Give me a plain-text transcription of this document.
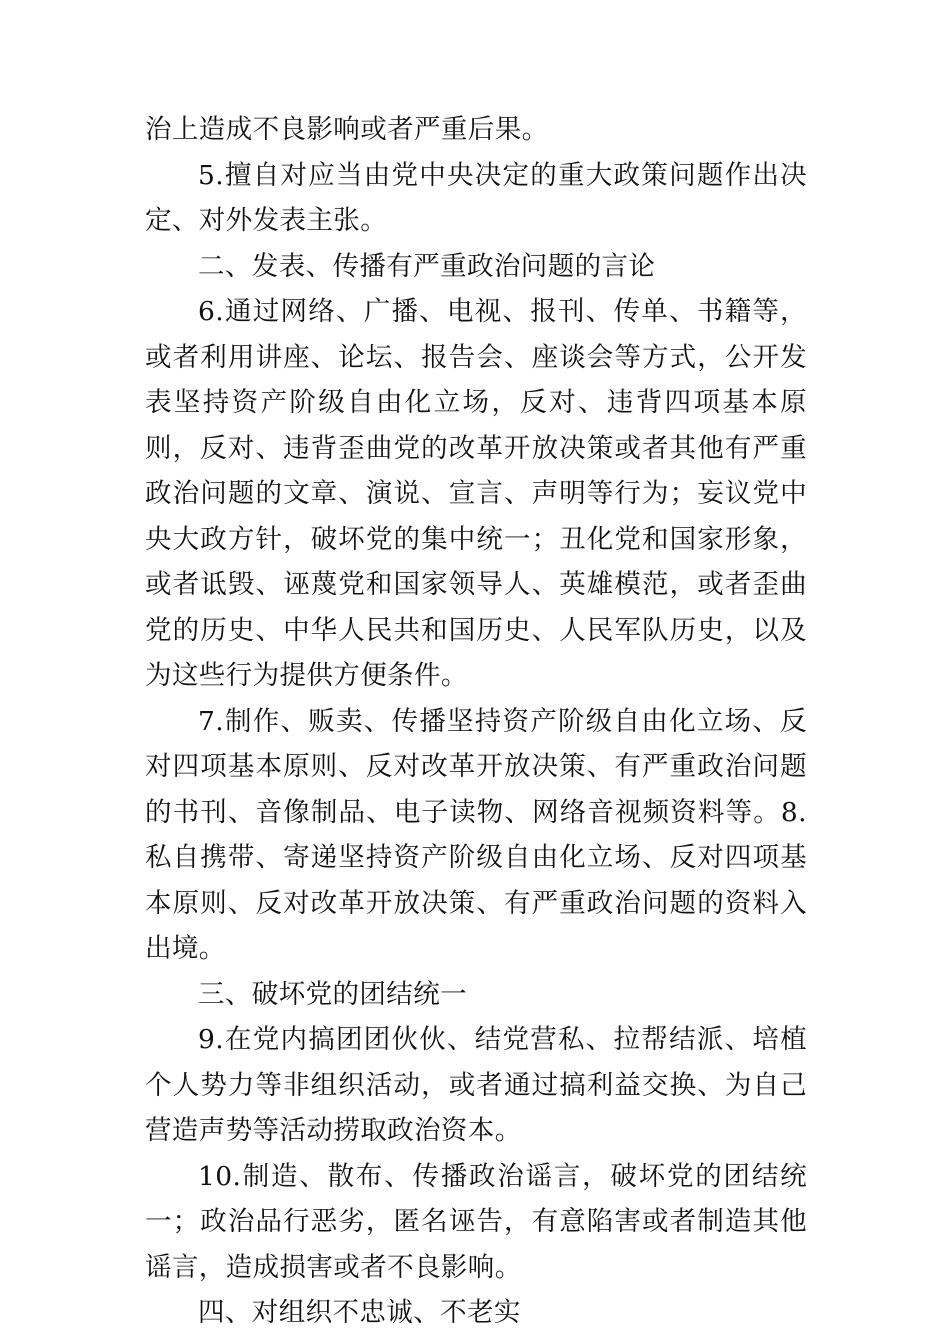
治上造成不良影响或者严重后果。

5.擅自对应当由党中央决定的重大政策问题作出决定、对外发表主张。

二、发表、传播有严重政治问题的言论

6.通过网络、广播、电视、报刊、传单、书籍等，或者利用讲座、论坛、报告会、座谈会等方式，公开发表坚持资产阶级自由化立场，反对、违背四项基本原则，反对、违背歪曲党的改革开放决策或者其他有严重政治问题的文章、演说、宣言、声明等行为；妄议党中央大政方针，破坏党的集中统一；丑化党和国家形象，或者诋毁、诬蔑党和国家领导人、英雄模范，或者歪曲党的历史、中华人民共和国历史、人民军队历史，以及为这些行为提供方便条件。

7.制作、贩卖、传播坚持资产阶级自由化立场、反对四项基本原则、反对改革开放决策、有严重政治问题的书刊、音像制品、电子读物、网络音视频资料等。8.私自携带、寄递坚持资产阶级自由化立场、反对四项基本原则、反对改革开放决策、有严重政治问题的资料入出境。

三、破坏党的团结统一

9.在党内搞团团伙伙、结党营私、拉帮结派、培植个人势力等非组织活动，或者通过搞利益交换、为自己营造声势等活动捞取政治资本。

10.制造、散布、传播政治谣言，破坏党的团结统一；政治品行恶劣，匿名诬告，有意陷害或者制造其他谣言，造成损害或者不良影响。

四、对组织不忠诚、不老实
